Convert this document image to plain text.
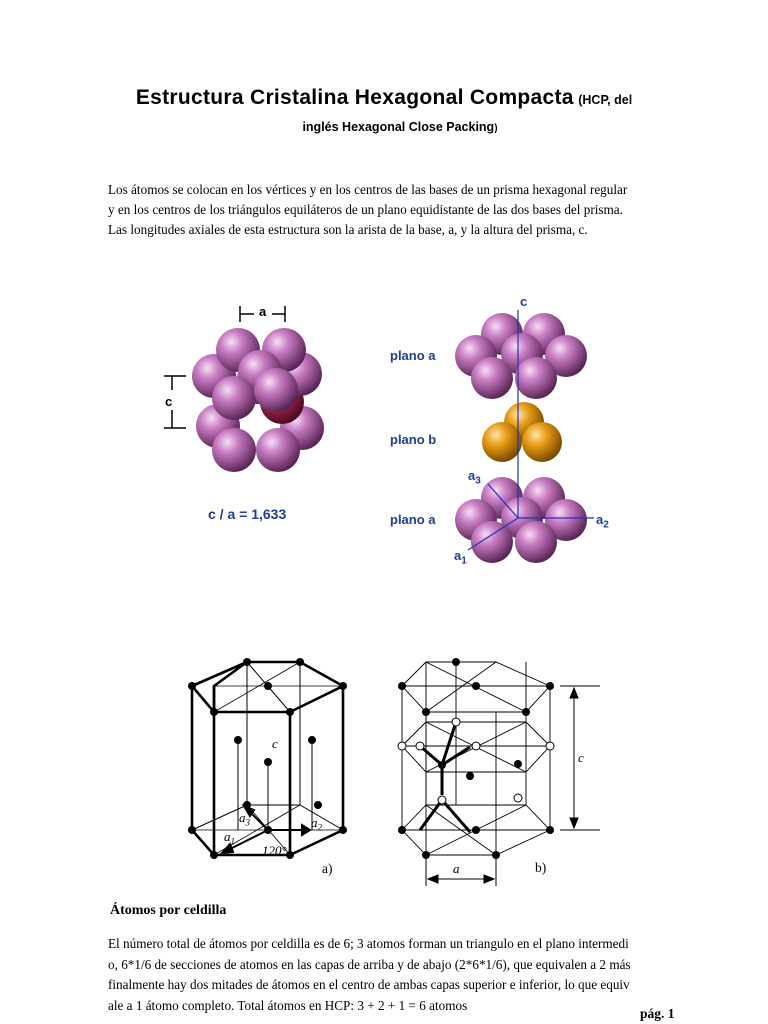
Estructura Cristalina Hexagonal Compacta (HCP, del
inglés Hexagonal Close Packing)
Los átomos se colocan en los vértices y en los centros de las bases de un prisma hexagonal regular
y en los centros de los triángulos equiláteros de un plano equidistante de las dos bases del prisma.
Las longitudes axiales de esta estructura son la arista de la base, a, y la altura del prisma, c.
a
c
c / a = 1,633
c
plano a
plano b
plano a
$a_3$
$a_2$
$a_1$
c
$a_3$	$a_2$
$a_1$
120°
a)
c
a	b)
Átomos por celdilla
El número total de átomos por celdilla es de 6; 3 atomos forman un triangulo en el plano intermedi
o, 6*1/6 de secciones de atomos en las capas de arriba y de abajo (2*6*1/6), que equivalen a 2 más
finalmente hay dos mitades de átomos en el centro de ambas capas superior e inferior, lo que equiv
ale a 1 átomo completo. Total átomos en HCP: 3 + 2 + 1 = 6 atomos
pág. 1
